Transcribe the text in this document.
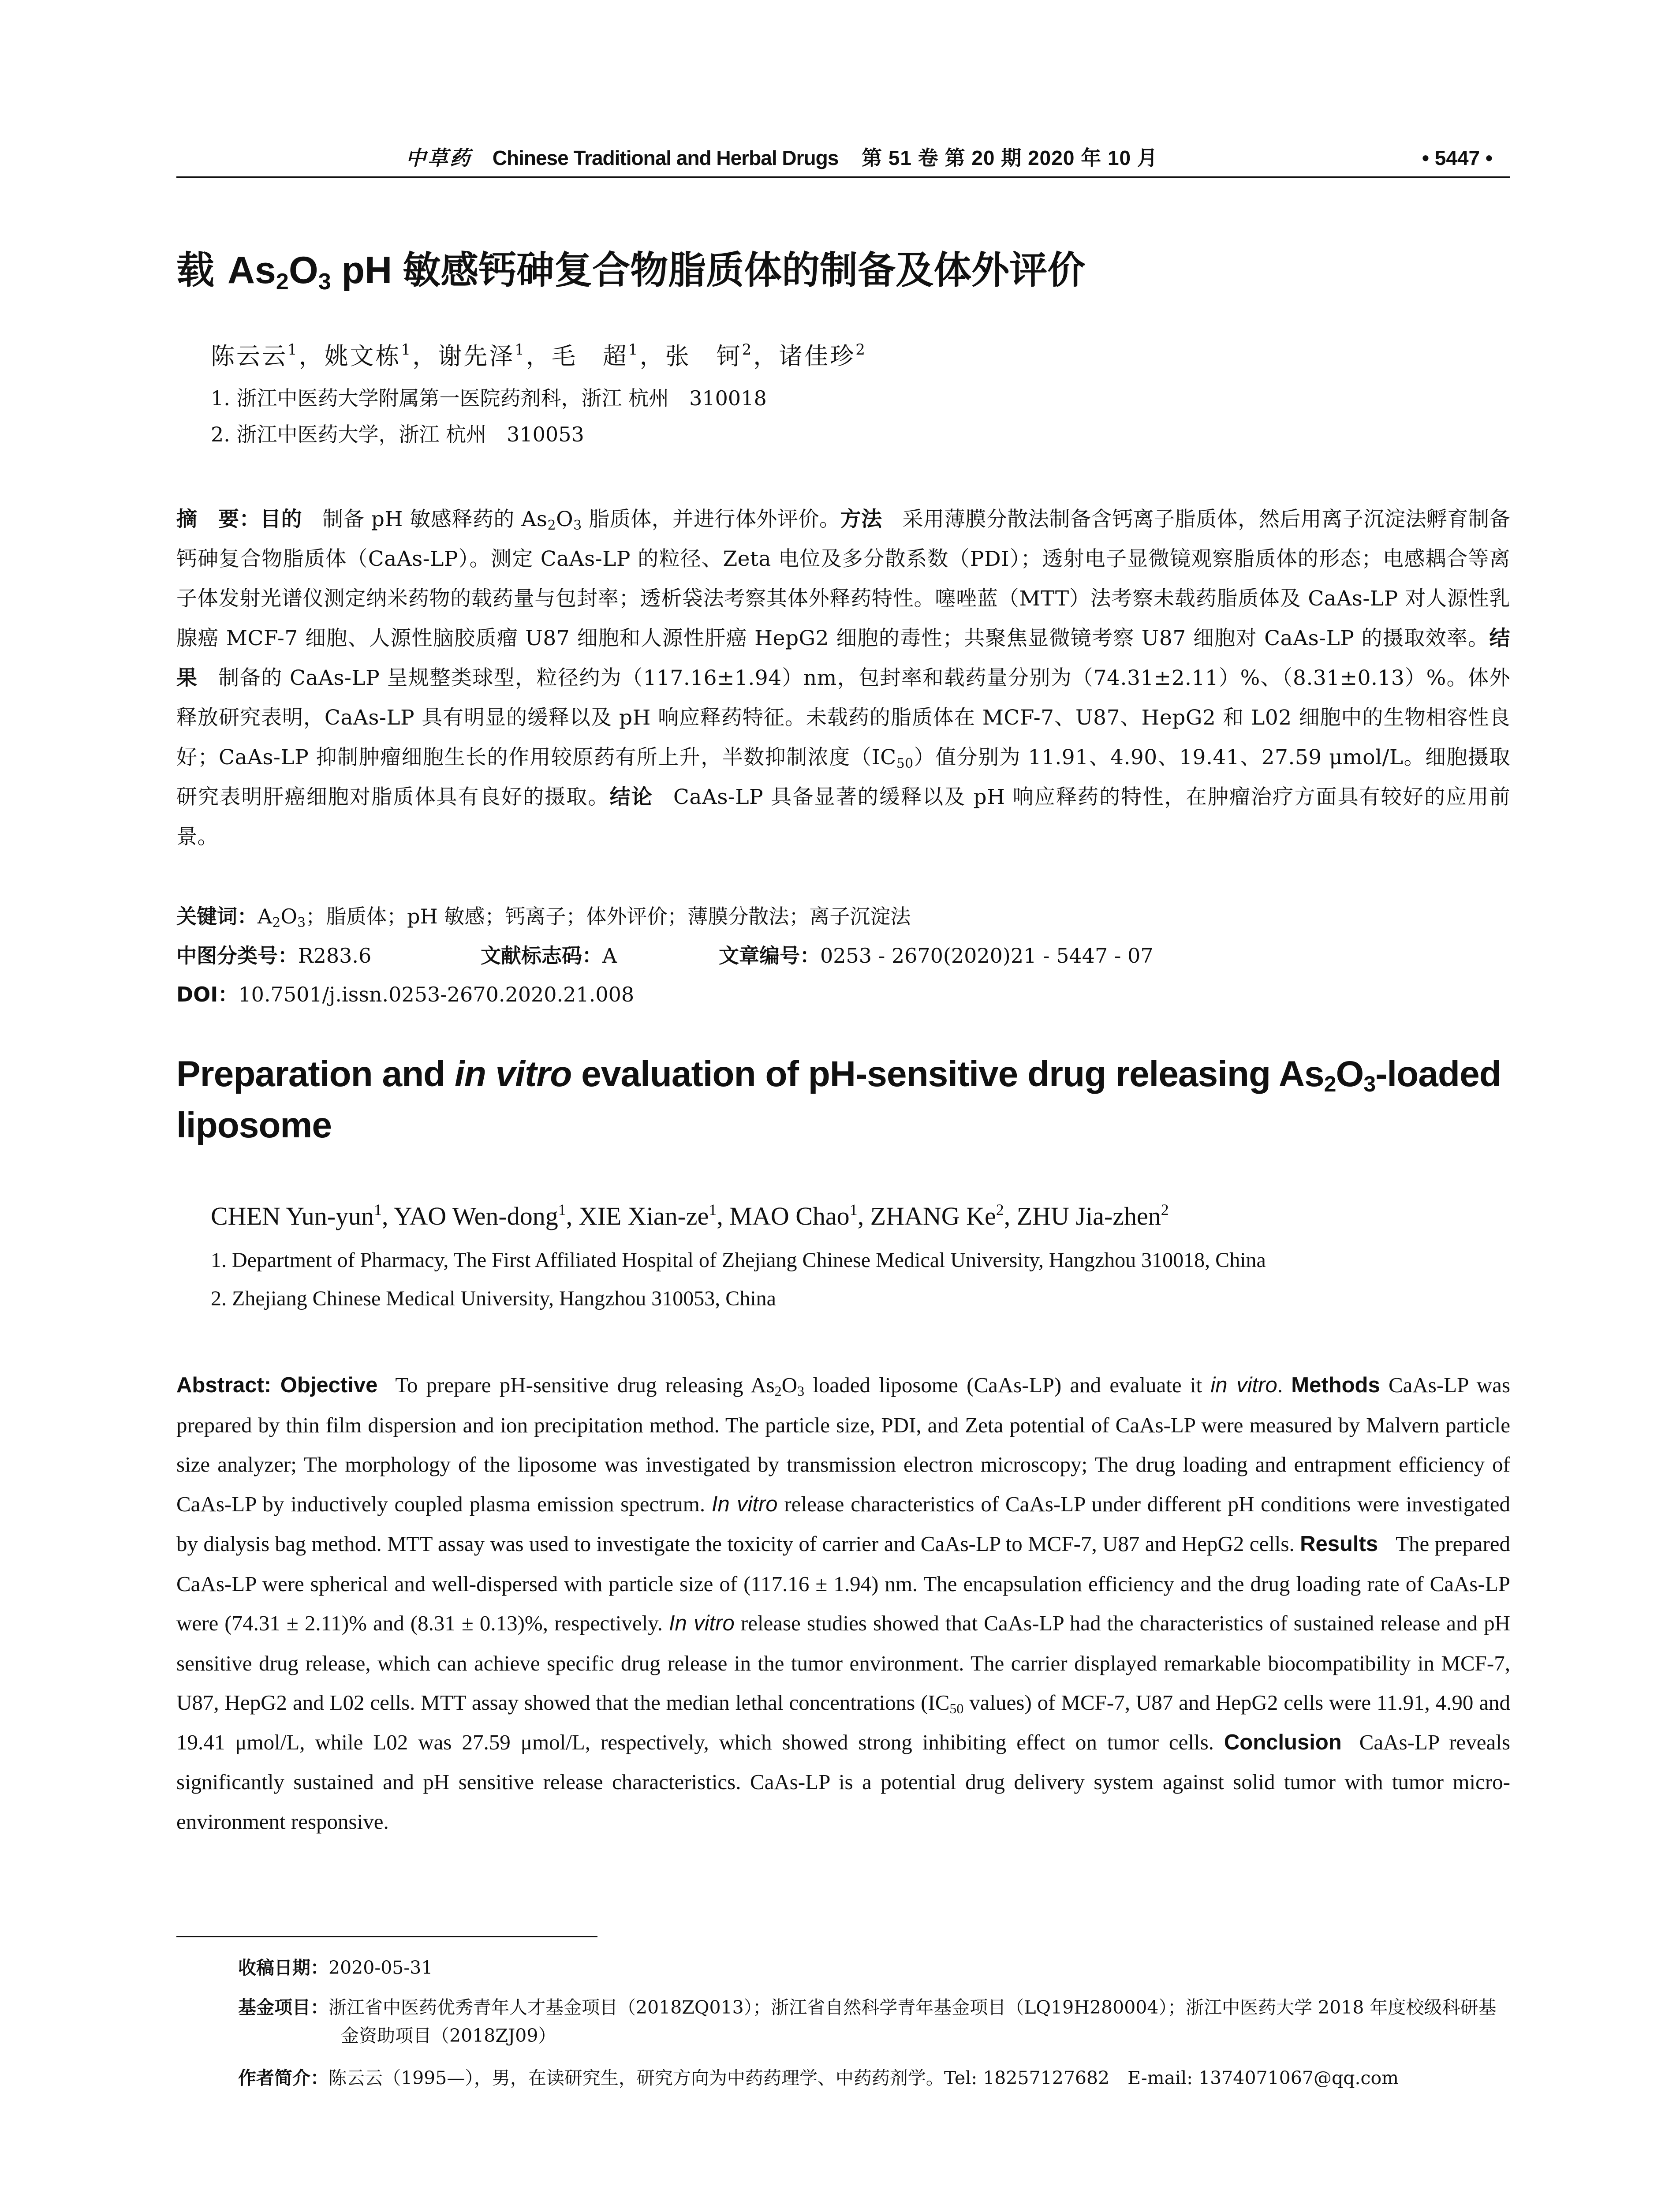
中草药 Chinese Traditional and Herbal Drugs 第 51 卷 第 20 期 2020 年 10 月	• 5447 •
载 $As_2O_3$ pH 敏感钙砷复合物脂质体的制备及体外评价
陈云云$^1$，姚文栋$^1$，谢先泽$^1$，毛　超$^1$，张　钶$^2$，诸佳珍$^2$
1. 浙江中医药大学附属第一医院药剂科，浙江 杭州　310018
2. 浙江中医药大学，浙江 杭州　310053
摘　要：目的 制备 pH 敏感释药的 $As_2O_3$ 脂质体，并进行体外评价。方法 采用薄膜分散法制备含钙离子脂质体，然后用离子沉淀法孵育制备钙砷复合物脂质体（CaAs-LP）。测定 CaAs-LP 的粒径、Zeta 电位及多分散系数（PDI）；透射电子显微镜观察脂质体的形态；电感耦合等离子体发射光谱仪测定纳米药物的载药量与包封率；透析袋法考察其体外释药特性。噻唑蓝（MTT）法考察未载药脂质体及 CaAs-LP 对人源性乳腺癌 MCF-7 细胞、人源性脑胶质瘤 U87 细胞和人源性肝癌 HepG2 细胞的毒性；共聚焦显微镜考察 U87 细胞对 CaAs-LP 的摄取效率。结果 制备的 CaAs-LP 呈规整类球型，粒径约为（117.16±1.94）nm，包封率和载药量分别为（74.31±2.11）%、（8.31±0.13）%。体外释放研究表明，CaAs-LP 具有明显的缓释以及 pH 响应释药特征。未载药的脂质体在 MCF-7、U87、HepG2 和 L02 细胞中的生物相容性良好；CaAs-LP 抑制肿瘤细胞生长的作用较原药有所上升，半数抑制浓度$(IC_{50})$值分别为 11.91、4.90、19.41、27.59 μmol/L。细胞摄取研究表明肝癌细胞对脂质体具有良好的摄取。结论 CaAs-LP 具备显著的缓释以及 pH 响应释药的特性，在肿瘤治疗方面具有较好的应用前景。
关键词：$A_2O_3$；脂质体；pH 敏感；钙离子；体外评价；薄膜分散法；离子沉淀法
中图分类号：R283.6	文献标志码：A	文章编号：0253 - 2670(2020)21 - 5447 - 07
DOI：10.7501/j.issn.0253-2670.2020.21.008
Preparation and in vitro evaluation of pH-sensitive drug releasing $As_2O_3$-loaded liposome
CHEN Yun-yun$^1$, YAO Wen-dong$^1$, XIE Xian-$ze^1$, MAO Chao$^1$, ZHANG Ke$^2$, ZHU Jia-zhen$^2$
1. Department of Pharmacy, The First Affiliated Hospital of Zhejiang Chinese Medical University, Hangzhou 310018, China
2. Zhejiang Chinese Medical University, Hangzhou 310053, China
Abstract: Objective To prepare pH-sensitive drug releasing $As_2O_3$ loaded liposome (CaAs-LP) and evaluate it in vitro. Methods CaAs-LP was prepared by thin film dispersion and ion precipitation method. The particle size, PDI, and Zeta potential of CaAs-LP were measured by Malvern particle size analyzer; The morphology of the liposome was investigated by transmission electron microscopy; The drug loading and entrapment efficiency of CaAs-LP by inductively coupled plasma emission spectrum. In vitro release characteristics of CaAs-LP under different pH conditions were investigated by dialysis bag method. MTT assay was used to investigate the toxicity of carrier and CaAs-LP to MCF-7, U87 and HepG2 cells. Results The prepared CaAs-LP were spherical and well-dispersed with particle size of (117.16 ± 1.94) nm. The encapsulation efficiency and the drug loading rate of CaAs-LP were (74.31 ± 2.11)% and (8.31 ± 0.13)%, respectively. In vitro release studies showed that CaAs-LP had the characteristics of sustained release and pH sensitive drug release, which can achieve specific drug release in the tumor environment. The carrier displayed remarkable biocompatibility in MCF-7, U87, HepG2 and L02 cells. MTT assay showed that the median lethal concentrations ($IC_{50}$ values) of MCF-7, U87 and HepG2 cells were 11.91, 4.90 and 19.41 μmol/L, while L02 was 27.59 μmol/L, respectively, which showed strong inhibiting effect on tumor cells. Conclusion CaAs-LP reveals significantly sustained and pH sensitive release characteristics. CaAs-LP is a potential drug delivery system against solid tumor with tumor micro-environment responsive.
收稿日期：2020-05-31
基金项目：浙江省中医药优秀青年人才基金项目（2018ZQ013）；浙江省自然科学青年基金项目（LQ19H280004）；浙江中医药大学 2018 年度校级科研基金资助项目（2018ZJ09）
作者简介：陈云云（1995—），男，在读研究生，研究方向为中药药理学、中药药剂学。Tel: 18257127682　E-mail: 1374071067@qq.com
